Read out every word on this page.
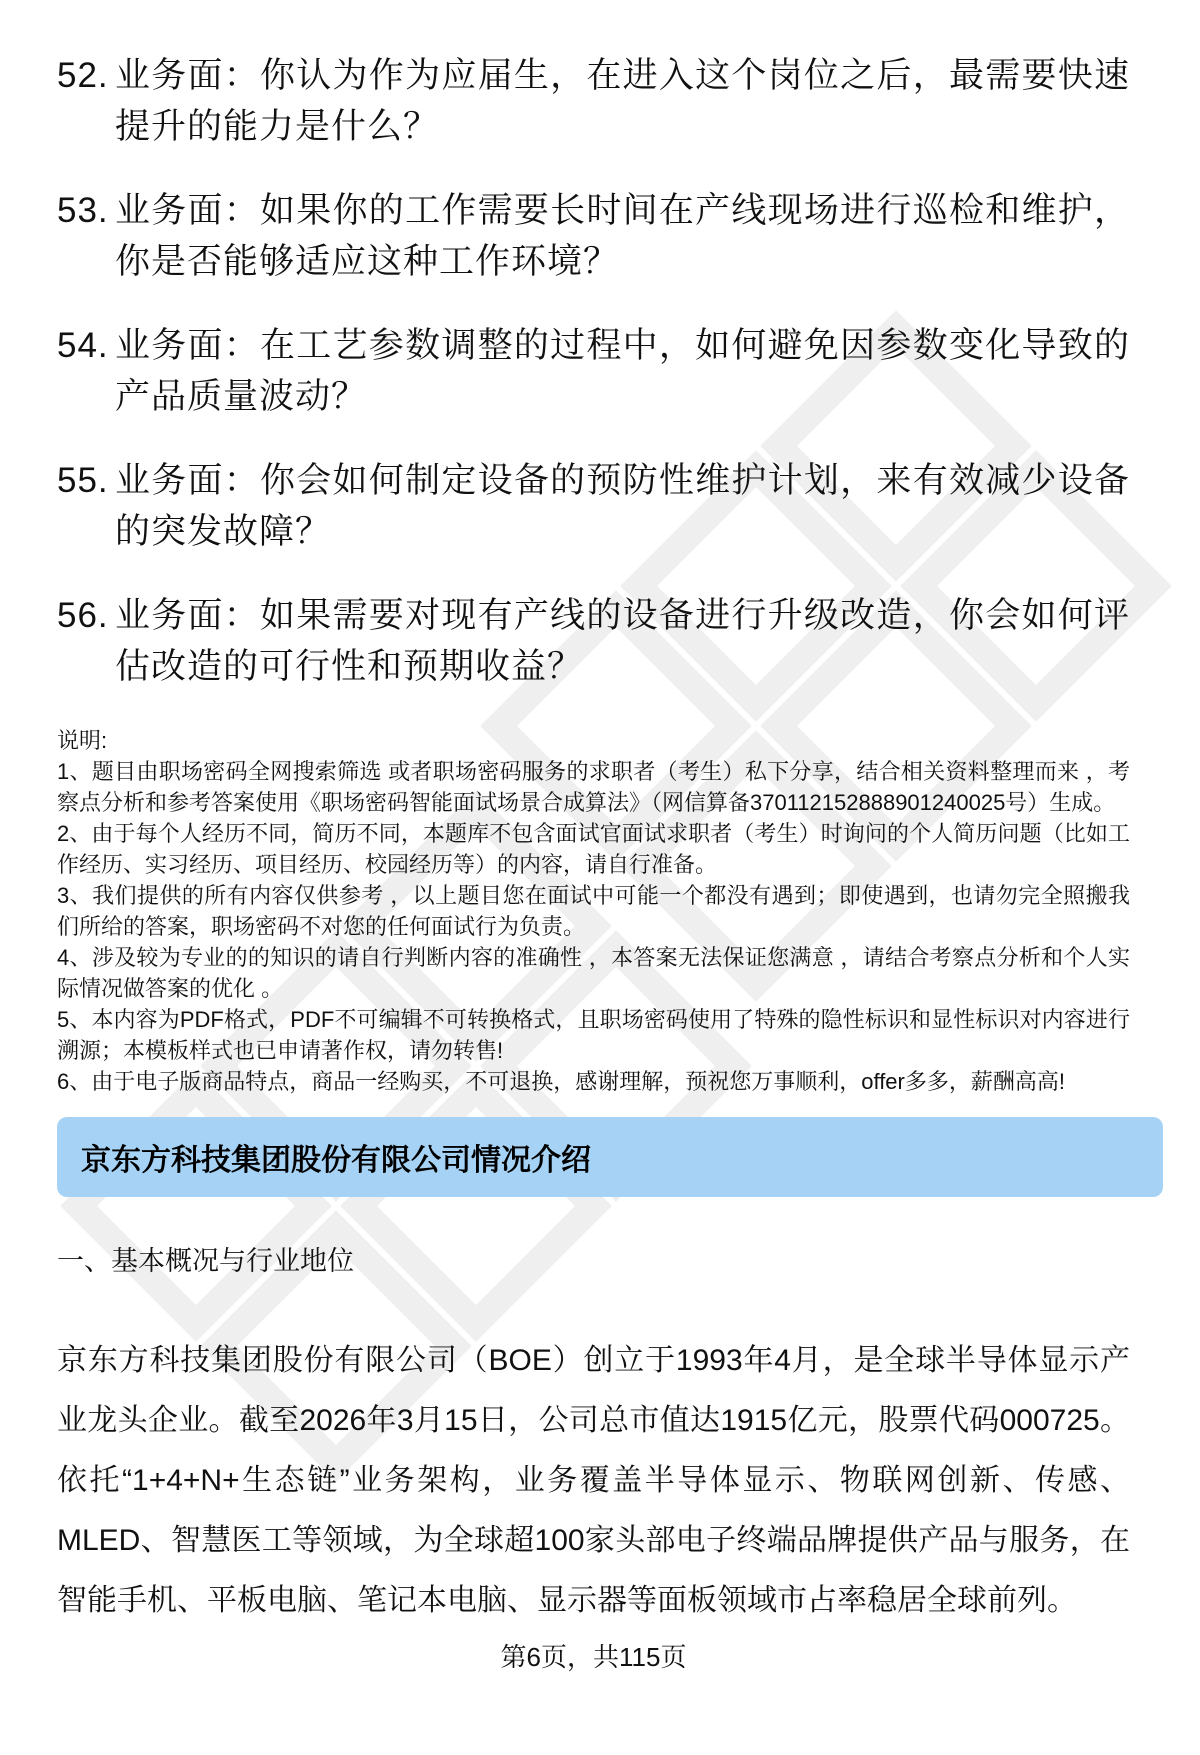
52. 业务面：你认为作为应届生，在进入这个岗位之后，最需要快速提升的能力是什么？
53. 业务面：如果你的工作需要长时间在产线现场进行巡检和维护，你是否能够适应这种工作环境？
54. 业务面：在工艺参数调整的过程中，如何避免因参数变化导致的产品质量波动？
55. 业务面：你会如何制定设备的预防性维护计划，来有效减少设备的突发故障？
56. 业务面：如果需要对现有产线的设备进行升级改造，你会如何评估改造的可行性和预期收益？
说明:
1、题目由职场密码全网搜索筛选 或者职场密码服务的求职者（考生）私下分享，结合相关资料整理而来 ，考察点分析和参考答案使用《职场密码智能面试场景合成算法》（网信算备370112152888901240025号）生成。
2、由于每个人经历不同，简历不同，本题库不包含面试官面试求职者（考生）时询问的个人简历问题（比如工作经历、实习经历、项目经历、校园经历等）的内容，请自行准备。
3、我们提供的所有内容仅供参考 ，以上题目您在面试中可能一个都没有遇到；即使遇到，也请勿完全照搬我们所给的答案，职场密码不对您的任何面试行为负责。
4、涉及较为专业的的知识的请自行判断内容的准确性 ，本答案无法保证您满意 ，请结合考察点分析和个人实际情况做答案的优化 。
5、本内容为PDF格式，PDF不可编辑不可转换格式，且职场密码使用了特殊的隐性标识和显性标识对内容进行溯源；本模板样式也已申请著作权，请勿转售!
6、由于电子版商品特点，商品一经购买，不可退换，感谢理解，预祝您万事顺利，offer多多，薪酬高高!
京东方科技集团股份有限公司情况介绍
一、基本概况与行业地位
京东方科技集团股份有限公司（BOE）创立于1993年4月，是全球半导体显示产业龙头企业。截至2026年3月15日，公司总市值达1915亿元，股票代码000725。依托“1+4+N+生态链”业务架构，业务覆盖半导体显示、物联网创新、传感、MLED、智慧医工等领域，为全球超100家头部电子终端品牌提供产品与服务，在智能手机、平板电脑、笔记本电脑、显示器等面板领域市占率稳居全球前列。
第6页，共115页
